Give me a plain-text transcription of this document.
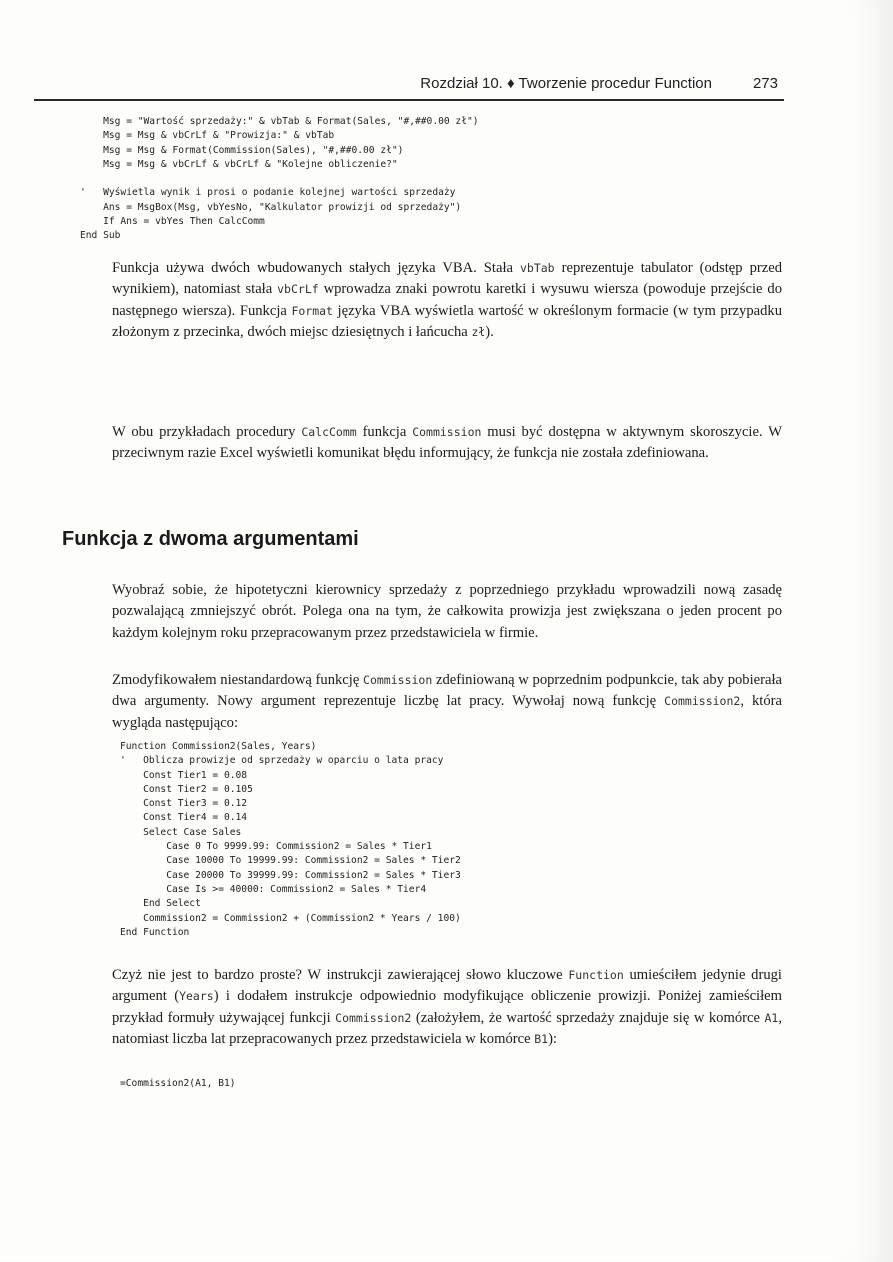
Rozdział 10. ♦ Tworzenie procedur Function	273
Msg = "Wartość sprzedaży:" & vbTab & Format(Sales, "#,##0.00 zł")
Msg = Msg & vbCrLf & "Prowizja:" & vbTab
Msg = Msg & Format(Commission(Sales), "#,##0.00 zł")
Msg = Msg & vbCrLf & vbCrLf & "Kolejne obliczenie?"

'   Wyświetla wynik i prosi o podanie kolejnej wartości sprzedaży
Ans = MsgBox(Msg, vbYesNo, "Kalkulator prowizji od sprzedaży")
If Ans = vbYes Then CalcComm
End Sub

Funkcja używa dwóch wbudowanych stałych języka VBA. Stała vbTab reprezentuje tabulator (odstęp przed wynikiem), natomiast stała vbCrLf wprowadza znaki powrotu karetki i wysuwu wiersza (powoduje przejście do następnego wiersza). Funkcja Format języka VBA wyświetla wartość w określonym formacie (w tym przypadku złożonym z przecinka, dwóch miejsc dziesiętnych i łańcucha zł).

W obu przykładach procedury CalcComm funkcja Commission musi być dostępna w aktywnym skoroszycie. W przeciwnym razie Excel wyświetli komunikat błędu informujący, że funkcja nie została zdefiniowana.

Funkcja z dwoma argumentami

Wyobraź sobie, że hipotetyczni kierownicy sprzedaży z poprzedniego przykładu wprowadzili nową zasadę pozwalającą zmniejszyć obrót. Polega ona na tym, że całkowita prowizja jest zwiększana o jeden procent po każdym kolejnym roku przepracowanym przez przedstawiciela w firmie.

Zmodyfikowałem niestandardową funkcję Commission zdefiniowaną w poprzednim podpunkcie, tak aby pobierała dwa argumenty. Nowy argument reprezentuje liczbę lat pracy. Wywołaj nową funkcję Commission2, która wygląda następująco:

Function Commission2(Sales, Years)
'   Oblicza prowizje od sprzedaży w oparciu o lata pracy
Const Tier1 = 0.08
Const Tier2 = 0.105
Const Tier3 = 0.12
Const Tier4 = 0.14
Select Case Sales
Case 0 To 9999.99: Commission2 = Sales * Tier1
Case 10000 To 19999.99: Commission2 = Sales * Tier2
Case 20000 To 39999.99: Commission2 = Sales * Tier3
Case Is >= 40000: Commission2 = Sales * Tier4
End Select
Commission2 = Commission2 + (Commission2 * Years / 100)
End Function

Czyż nie jest to bardzo proste? W instrukcji zawierającej słowo kluczowe Function umieściłem jedynie drugi argument (Years) i dodałem instrukcje odpowiednio modyfikujące obliczenie prowizji. Poniżej zamieściłem przykład formuły używającej funkcji Commission2 (założyłem, że wartość sprzedaży znajduje się w komórce A1, natomiast liczba lat przepracowanych przez przedstawiciela w komórce B1):

=Commission2(A1, B1)
